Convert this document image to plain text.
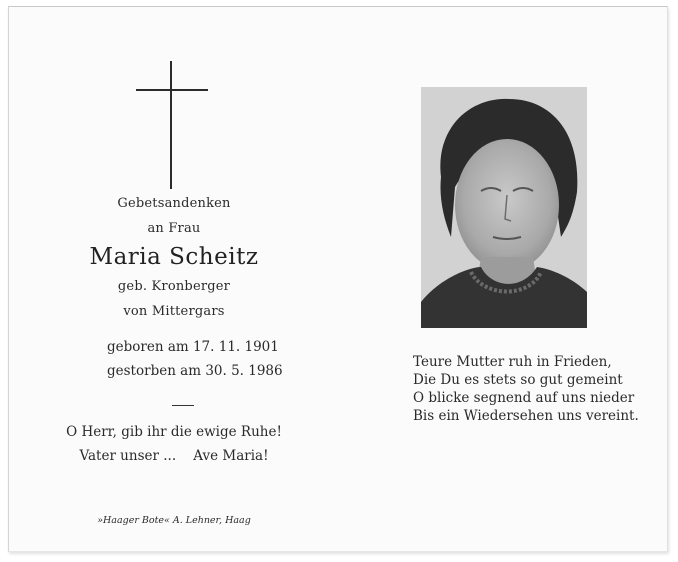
Gebetsandenken
an Frau
Maria Scheitz
geb. Kronberger
von Mittergars
geboren am 17. 11. 1901
gestorben am 30. 5. 1986
O Herr, gib ihr die ewige Ruhe!
Vater unser ...    Ave Maria!
»Haager Bote« A. Lehner, Haag
Teure Mutter ruh in Frieden,
Die Du es stets so gut gemeint
O blicke segnend auf uns nieder
Bis ein Wiedersehen uns vereint.
